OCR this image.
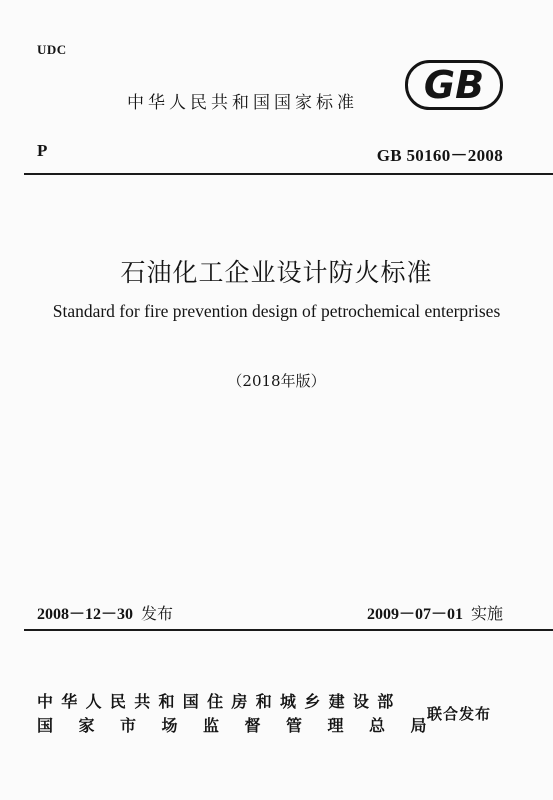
UDC
中华人民共和国国家标准 GB
P	GB 50160－2008
石油化工企业设计防火标准
Standard for fire prevention design of petrochemical enterprises
（2018年版）
2008－12－30 发布	2009－07－01 实施
中华人民共和国住房和城乡建设部
国家市场监督管理总局
联合发布
